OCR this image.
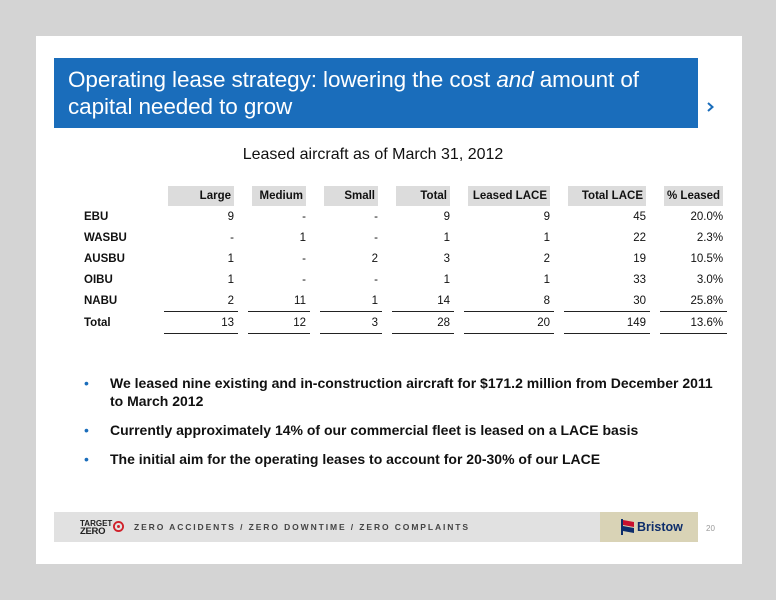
Operating lease strategy: lowering the cost and amount of capital needed to grow
Leased aircraft as of March 31, 2012

		Large		Medium		Small		Total		Leased LACE		Total LACE		% Leased

EBU		9		-		-		9		9		45		20.0%
WASBU		-		1		-		1		1		22		2.3%
AUSBU		1		-		2		3		2		19		10.5%
OIBU		1		-		-		1		1		33		3.0%
NABU		2		11		1		14		8		30		25.8%
Total		13		12		3		28		20		149		13.6%
• We leased nine existing and in-construction aircraft for $171.2 million from December 2011 to March 2012
• Currently approximately 14% of our commercial fleet is leased on a LACE basis
• The initial aim for the operating leases to account for 20-30% of our LACE
TARGET
ZERO	ZERO ACCIDENTS / ZERO DOWNTIME / ZERO COMPLAINTS	Bristow	20
